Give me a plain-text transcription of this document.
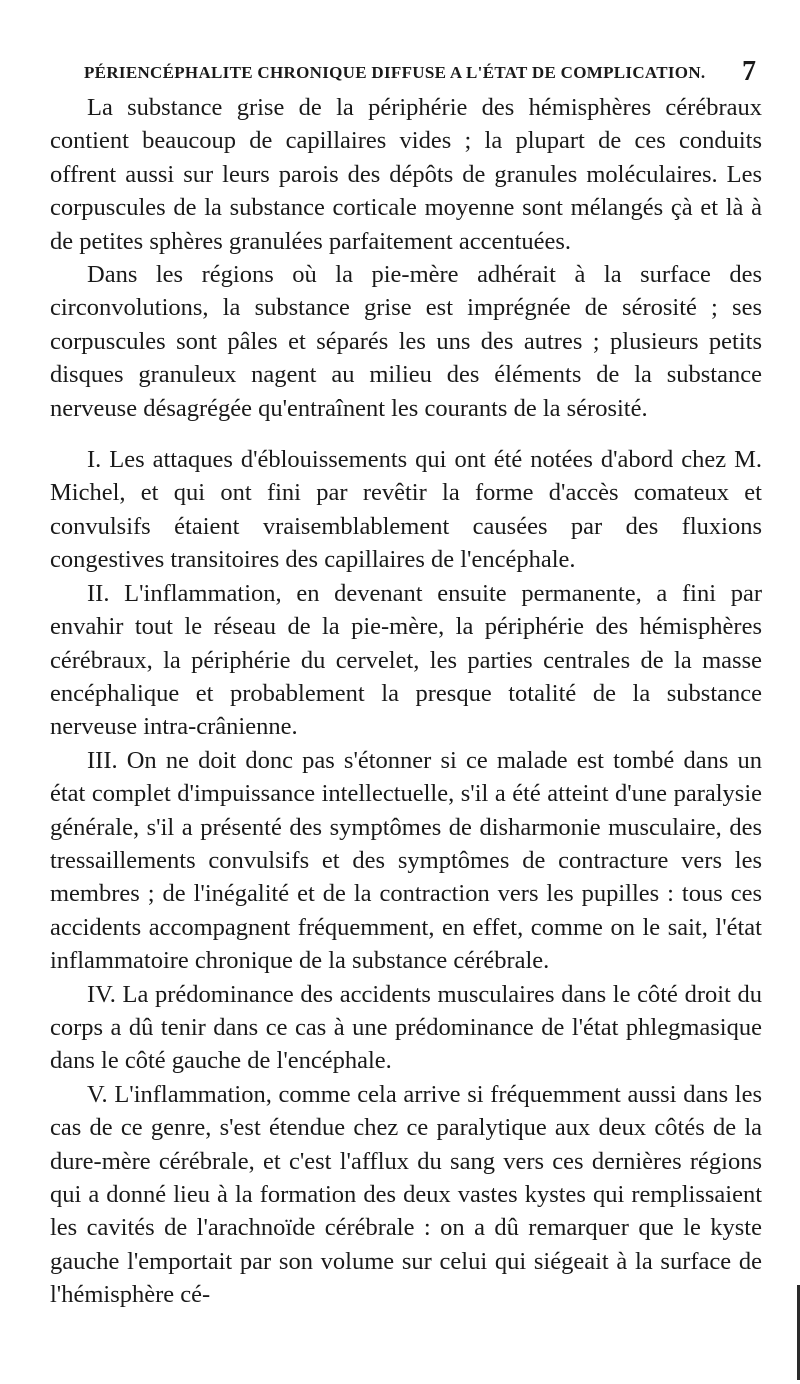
PÉRIENCÉPHALITE CHRONIQUE DIFFUSE A L'ÉTAT DE COMPLICATION. 7

La substance grise de la périphérie des hémisphères cérébraux contient beaucoup de capillaires vides ; la plupart de ces conduits offrent aussi sur leurs parois des dépôts de granules moléculaires. Les corpuscules de la substance corticale moyenne sont mélangés çà et là à de petites sphères granulées parfaitement accentuées.

Dans les régions où la pie-mère adhérait à la surface des circonvolutions, la substance grise est imprégnée de sérosité ; ses corpuscules sont pâles et séparés les uns des autres ; plusieurs petits disques granuleux nagent au milieu des éléments de la substance nerveuse désagrégée qu'entraînent les courants de la sérosité.

I. Les attaques d'éblouissements qui ont été notées d'abord chez M. Michel, et qui ont fini par revêtir la forme d'accès comateux et convulsifs étaient vraisemblablement causées par des fluxions congestives transitoires des capillaires de l'encéphale.

II. L'inflammation, en devenant ensuite permanente, a fini par envahir tout le réseau de la pie-mère, la périphérie des hémisphères cérébraux, la périphérie du cervelet, les parties centrales de la masse encéphalique et probablement la presque totalité de la substance nerveuse intra-crânienne.

III. On ne doit donc pas s'étonner si ce malade est tombé dans un état complet d'impuissance intellectuelle, s'il a été atteint d'une paralysie générale, s'il a présenté des symptômes de disharmonie musculaire, des tressaillements convulsifs et des symptômes de contracture vers les membres ; de l'inégalité et de la contraction vers les pupilles : tous ces accidents accompagnent fréquemment, en effet, comme on le sait, l'état inflammatoire chronique de la substance cérébrale.

IV. La prédominance des accidents musculaires dans le côté droit du corps a dû tenir dans ce cas à une prédominance de l'état phlegmasique dans le côté gauche de l'encéphale.

V. L'inflammation, comme cela arrive si fréquemment aussi dans les cas de ce genre, s'est étendue chez ce paralytique aux deux côtés de la dure-mère cérébrale, et c'est l'afflux du sang vers ces dernières régions qui a donné lieu à la formation des deux vastes kystes qui remplissaient les cavités de l'arachnoïde cérébrale : on a dû remarquer que le kyste gauche l'emportait par son volume sur celui qui siégeait à la surface de l'hémisphère cé-
